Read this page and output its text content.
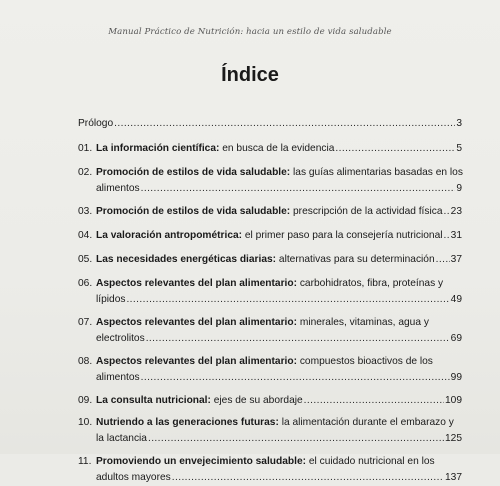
Manual Práctico de Nutrición: hacia un estilo de vida saludable
Índice
Prólogo .....	3
01. La información científica: en busca de la evidencia .....	5
02. Promoción de estilos de vida saludable: las guías alimentarias basadas en los
alimentos .....	9
03. Promoción de estilos de vida saludable: prescripción de la actividad física ..... 23
04. La valoración antropométrica: el primer paso para la consejería nutricional ..... 31
05. Las necesidades energéticas diarias: alternativas para su determinación ..... 37
06. Aspectos relevantes del plan alimentario: carbohidratos, fibra, proteínas y
lípidos .....	49
07. Aspectos relevantes del plan alimentario: minerales, vitaminas, agua y
electrolitos .....	69
08. Aspectos relevantes del plan alimentario: compuestos bioactivos de los
alimentos .....	99
09. La consulta nutricional: ejes de su abordaje .....	109
10. Nutriendo a las generaciones futuras: la alimentación durante el embarazo y
la lactancia .....	125
11. Promoviendo un envejecimiento saludable: el cuidado nutricional en los
adultos mayores .....	137
